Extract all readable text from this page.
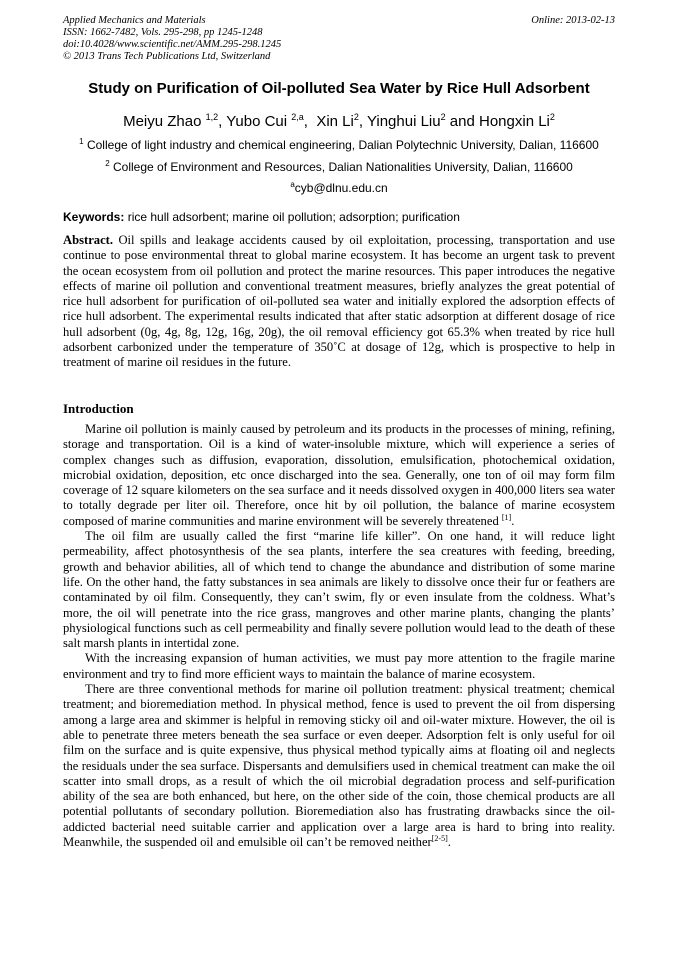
Applied Mechanics and Materials
ISSN: 1662-7482, Vols. 295-298, pp 1245-1248
doi:10.4028/www.scientific.net/AMM.295-298.1245
© 2013 Trans Tech Publications Ltd, Switzerland
Online: 2013-02-13
Study on Purification of Oil-polluted Sea Water by Rice Hull Adsorbent
Meiyu Zhao $^{1,2}$, Yubo Cui $^{2,a}$,  Xin Li$^2$, Yinghui Liu$^2$ and Hongxin Li$^2$
$^1$ College of light industry and chemical engineering, Dalian Polytechnic University, Dalian, 116600
$^2$ College of Environment and Resources, Dalian Nationalities University, Dalian, 116600
$^a$cyb@dlnu.edu.cn
Keywords: rice hull adsorbent; marine oil pollution; adsorption; purification
Abstract. Oil spills and leakage accidents caused by oil exploitation, processing, transportation and use continue to pose environmental threat to global marine ecosystem. It has become an urgent task to prevent the ocean ecosystem from oil pollution and protect the marine resources. This paper introduces the negative effects of marine oil pollution and conventional treatment measures, briefly analyzes the great potential of rice hull adsorbent for purification of oil-polluted sea water and initially explored the adsorption effects of rice hull adsorbent. The experimental results indicated that after static adsorption at different dosage of rice hull adsorbent (0g, 4g, 8g, 12g, 16g, 20g), the oil removal efficiency got 65.3% when treated by rice hull adsorbent carbonized under the temperature of 350˚C at dosage of 12g, which is prospective to help in treatment of marine oil residues in the future.
Introduction

Marine oil pollution is mainly caused by petroleum and its products in the processes of mining, refining, storage and transportation. Oil is a kind of water-insoluble mixture, which will experience a series of complex changes such as diffusion, evaporation, dissolution, emulsification, photochemical oxidation, microbial oxidation, deposition, etc once discharged into the sea. Generally, one ton of oil may form film coverage of 12 square kilometers on the sea surface and it needs dissolved oxygen in 400,000 liters sea water to totally degrade per liter oil. Therefore, once hit by oil pollution, the balance of marine ecosystem composed of marine communities and marine environment will be severely threatened [1].

The oil film are usually called the first “marine life killer”. On one hand, it will reduce light permeability, affect photosynthesis of the sea plants, interfere the sea creatures with feeding, breeding, growth and behavior abilities, all of which tend to change the abundance and distribution of some marine life. On the other hand, the fatty substances in sea animals are likely to dissolve once their fur or feathers are contaminated by oil film. Consequently, they can’t swim, fly or even insulate from the coldness. What’s more, the oil will penetrate into the rice grass, mangroves and other marine plants, changing the plants’ physiological functions such as cell permeability and finally severe pollution would lead to the death of these salt marsh plants in intertidal zone.

With the increasing expansion of human activities, we must pay more attention to the fragile marine environment and try to find more efficient ways to maintain the balance of marine ecosystem.

There are three conventional methods for marine oil pollution treatment: physical treatment; chemical treatment; and bioremediation method. In physical method, fence is used to prevent the oil from dispersing among a large area and skimmer is helpful in removing sticky oil and oil-water mixture. However, the oil is able to penetrate three meters beneath the sea surface or even deeper. Adsorption felt is only useful for oil film on the surface and is quite expensive, thus physical method typically aims at floating oil and neglects the residuals under the sea surface. Dispersants and demulsifiers used in chemical treatment can make the oil scatter into small drops, as a result of which the oil microbial degradation process and self-purification ability of the sea are both enhanced, but here, on the other side of the coin, those chemical products are all potential pollutants of secondary pollution. Bioremediation also has frustrating drawbacks since the oil-addicted bacterial need suitable carrier and application over a large area is hard to bring into reality. Meanwhile, the suspended oil and emulsible oil can’t be removed neither[2-5].
